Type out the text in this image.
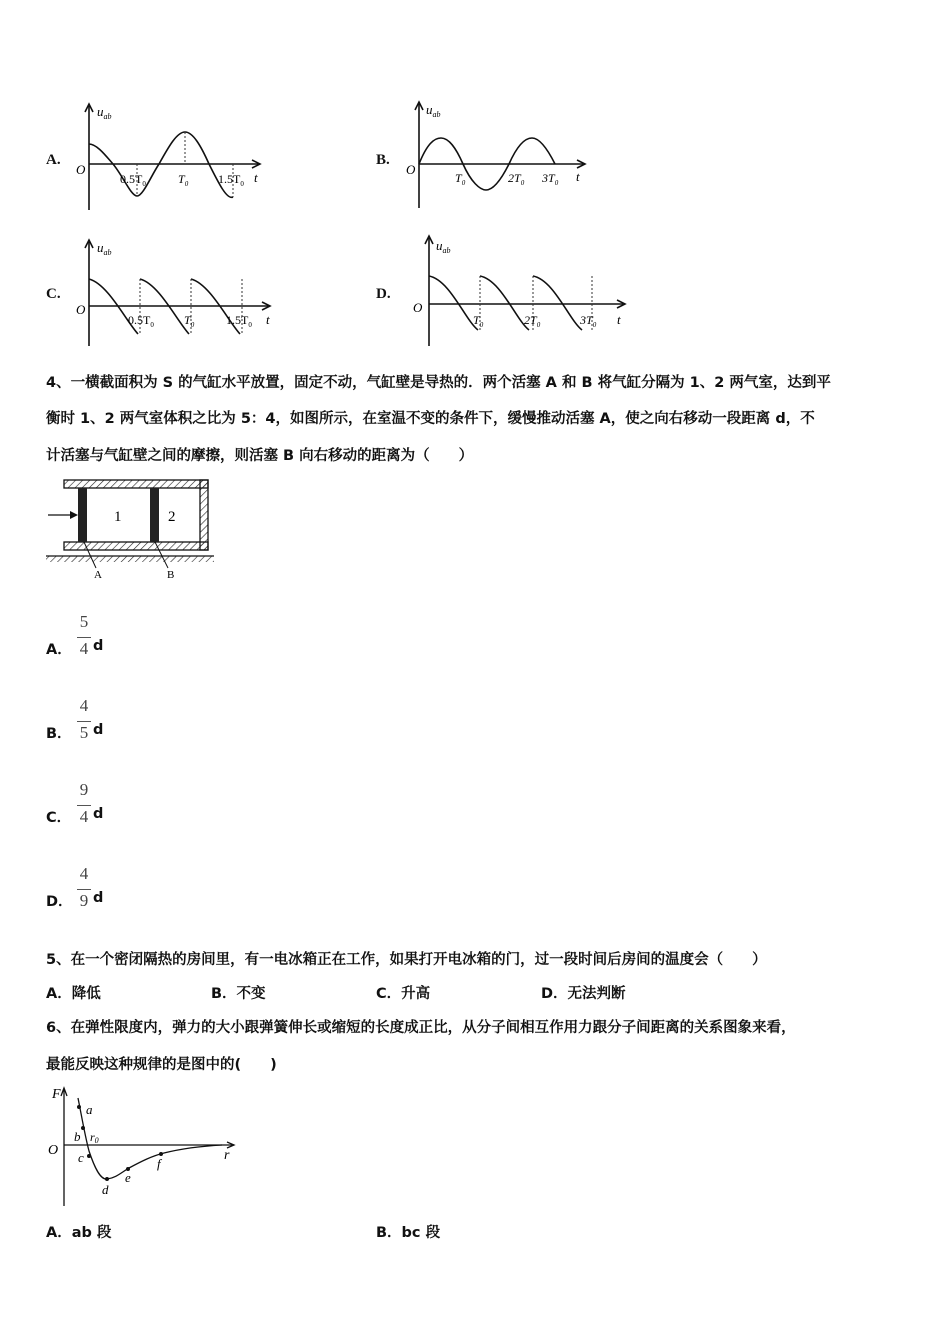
A.
$u_{ab}$
O
$0.5T_0$	$T_0$ $1.5T_0$ t
B.
$u_{ab}$
O
$T_0$	$2T_0$ $3T_0$ t
C.
$u_{ab}$
O
$0.5T_0$	$T_0$	$1.5T_0$ t
D.
$u_{ab}$
O
$T_0$	$2T_0$	$3T_0$ t
4、一横截面积为 S 的气缸水平放置，固定不动，气缸壁是导热的．两个活塞 A 和 B 将气缸分隔为 1、2 两气室，达到平
衡时 1、2 两气室体积之比为 5：4，如图所示，在室温不变的条件下，缓慢推动活塞 A，使之向右移动一段距离 d，不
计活塞与气缸壁之间的摩擦，则活塞 B 向右移动的距离为（　　）
1	2
A	B
A．
5
4 d
B．
4
5 d
C．
9
4 d
D．
4
9 d
5、在一个密闭隔热的房间里，有一电冰箱正在工作，如果打开电冰箱的门，过一段时间后房间的温度会（　　）
A．降低	B．不变	C．升高	D．无法判断
6、在弹性限度内，弹力的大小跟弹簧伸长或缩短的长度成正比，从分子间相互作用力跟分子间距离的关系图象来看，
最能反映这种规律的是图中的(　　)
F
r
O
a
b r0
c
d
e
f
A．ab 段	B．bc 段
